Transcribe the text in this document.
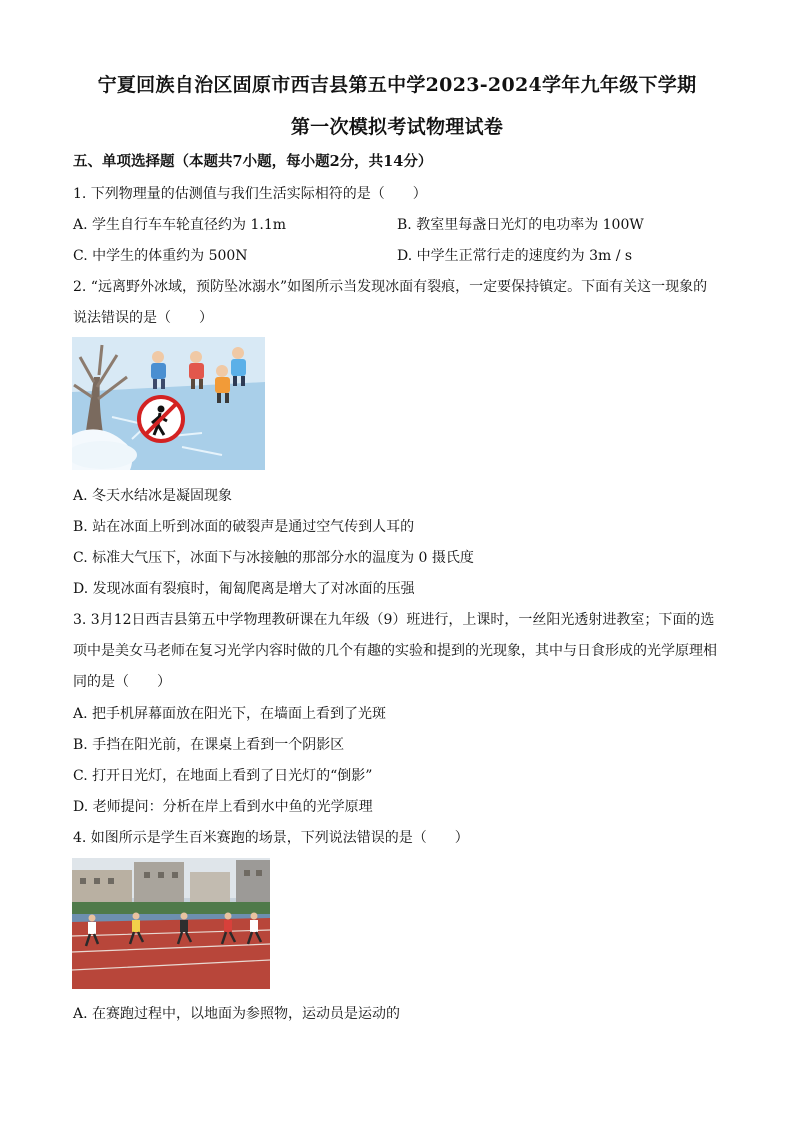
宁夏回族自治区固原市西吉县第五中学2023-2024学年九年级下学期
第一次模拟考试物理试卷
五、单项选择题（本题共7小题，每小题2分，共14分）
1. 下列物理量的估测值与我们生活实际相符的是（　　）
A. 学生自行车车轮直径约为 1.1m	B. 教室里每盏日光灯的电功率为 100W
C. 中学生的体重约为 500N	D. 中学生正常行走的速度约为 3m / s
2. “远离野外冰域，预防坠冰溺水”如图所示当发现冰面有裂痕，一定要保持镇定。下面有关这一现象的
说法错误的是（　　）
A. 冬天水结冰是凝固现象
B. 站在冰面上听到冰面的破裂声是通过空气传到人耳的
C. 标准大气压下，冰面下与冰接触的那部分水的温度为 0 摄氏度
D. 发现冰面有裂痕时，匍匐爬离是增大了对冰面的压强
3. 3月12日西吉县第五中学物理教研课在九年级（9）班进行，上课时，一丝阳光透射进教室；下面的选
项中是美女马老师在复习光学内容时做的几个有趣的实验和提到的光现象，其中与日食形成的光学原理相
同的是（　　）
A. 把手机屏幕面放在阳光下，在墙面上看到了光斑
B. 手挡在阳光前，在课桌上看到一个阴影区
C. 打开日光灯，在地面上看到了日光灯的“倒影”
D. 老师提问：分析在岸上看到水中鱼的光学原理
4. 如图所示是学生百米赛跑的场景，下列说法错误的是（　　）
A. 在赛跑过程中，以地面为参照物，运动员是运动的
